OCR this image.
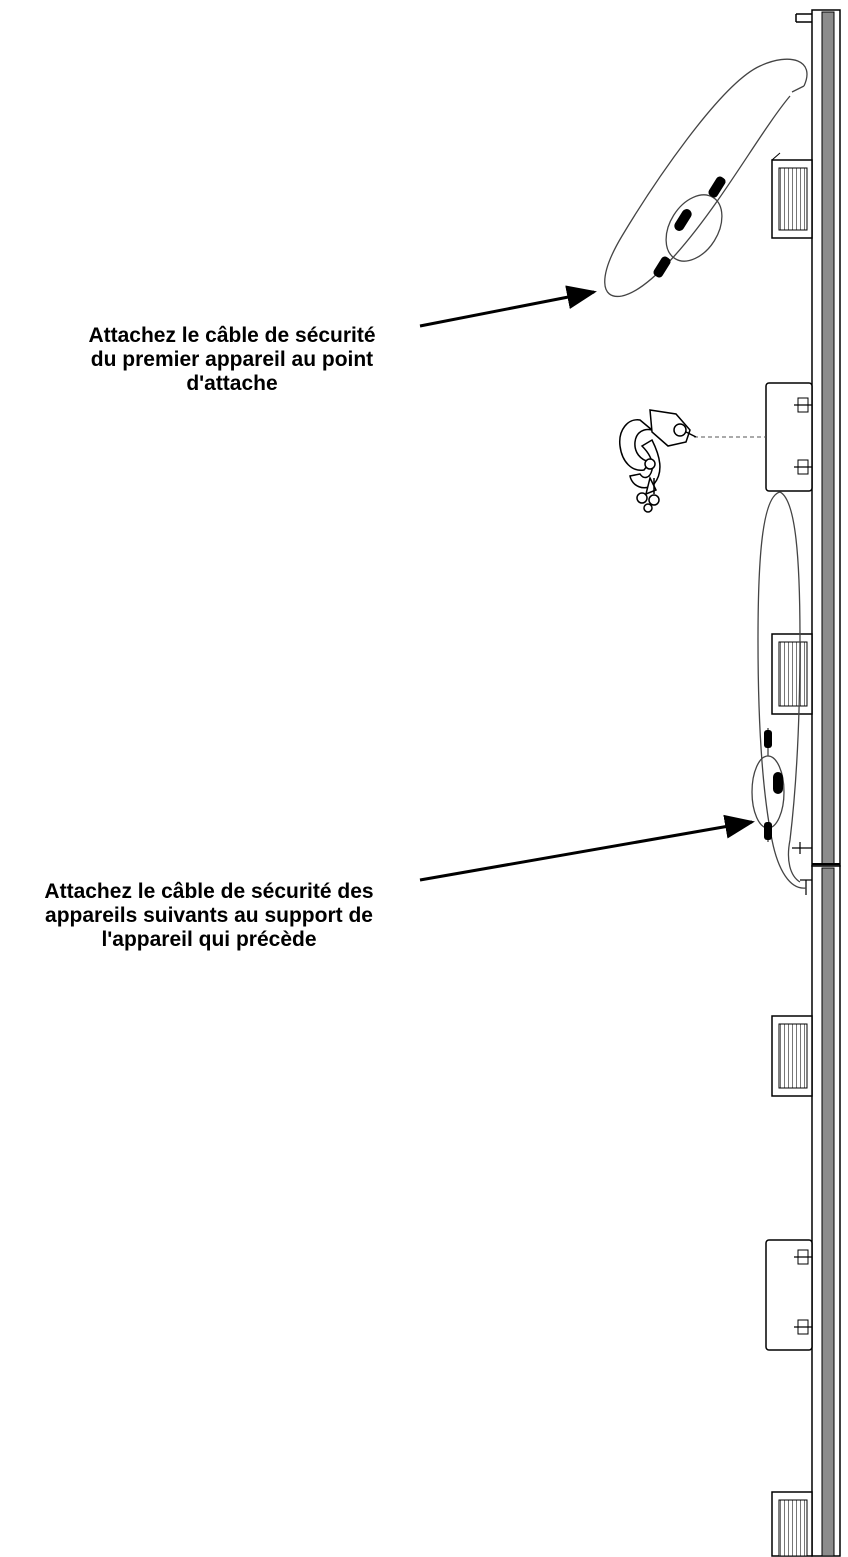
Attachez le câble de sécurité
du premier appareil au point
d'attache
Attachez le câble de sécurité des
appareils suivants au support de
l'appareil qui précède
